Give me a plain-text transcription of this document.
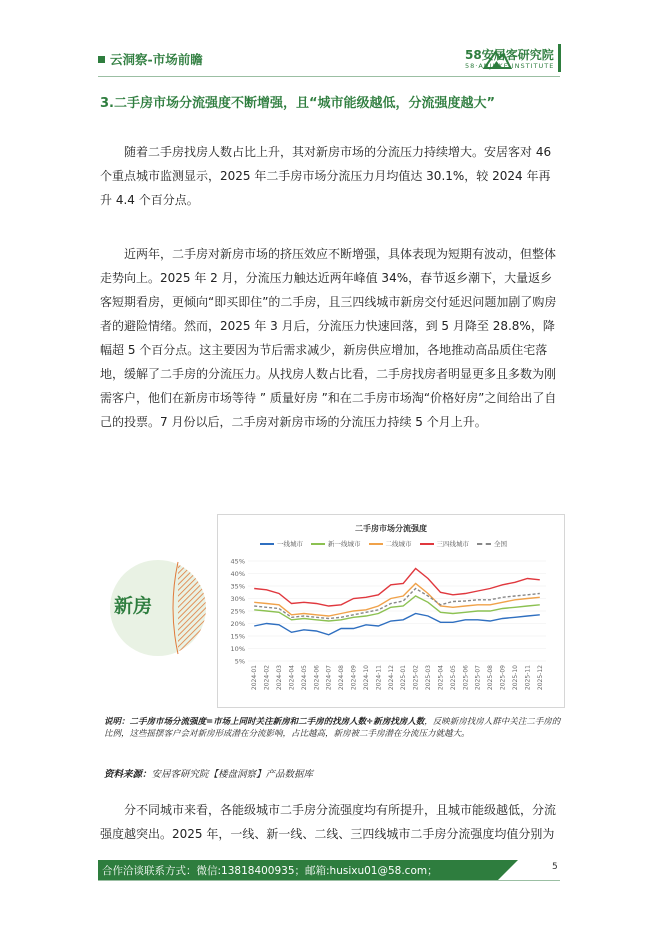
云洞察-市场前瞻	58安居客研究院
58·ANJUKE INSTITUTE
3.二手房市场分流强度不断增强，且“城市能级越低，分流强度越大”

随着二手房找房人数占比上升，其对新房市场的分流压力持续增大。安居客对 46 个重点城市监测显示，2025 年二手房市场分流压力月均值达 30.1%，较 2024 年再升 4.4 个百分点。

近两年，二手房对新房市场的挤压效应不断增强，具体表现为短期有波动，但整体走势向上。2025 年 2 月，分流压力触达近两年峰值 34%，春节返乡潮下，大量返乡客短期看房，更倾向“即买即住”的二手房，且三四线城市新房交付延迟问题加剧了购房者的避险情绪。然而，2025 年 3 月后，分流压力快速回落，到 5 月降至 28.8%，降幅超 5 个百分点。这主要因为节后需求减少，新房供应增加，各地推动高品质住宅落地，缓解了二手房的分流压力。从找房人数占比看，二手房找房者明显更多且多数为刚需客户，他们在新房市场等待 ” 质量好房 ”和在二手房市场淘“价格好房”之间给出了自己的投票。7 月份以后，二手房对新房市场的分流压力持续 5 个月上升。

新房
5%
10%
15%
20%
25%
30%
35%
40%
45%
2024-01 2024-02 2024-03 2024-04 2024-05 2024-06 2024-07 2024-08 2024-09 2024-10 2024-11 2024-12 2025-01 2025-02 2025-03 2025-04 2025-05 2025-06 2025-07 2025-08 2025-09 2025-10 2025-11 2025-12
二手房市场分流强度
一线城市	新一线城市	二线城市	三四线城市	全国

说明：二手房市场分流强度=市场上同时关注新房和二手房的找房人数÷新房找房人数，反映新房找房人群中关注二手房的比例，这些摇摆客户会对新房形成潜在分流影响，占比越高，新房被二手房潜在分流压力就越大。

资料来源：安居客研究院【楼盘洞察】产品数据库

分不同城市来看，各能级城市二手房分流强度均有所提升，且城市能级越低，分流强度越突出。2025 年，一线、新一线、二线、三四线城市二手房分流强度均值分别为

合作洽谈联系方式：微信:13818400935；邮箱:husixu01@58.com；	5
